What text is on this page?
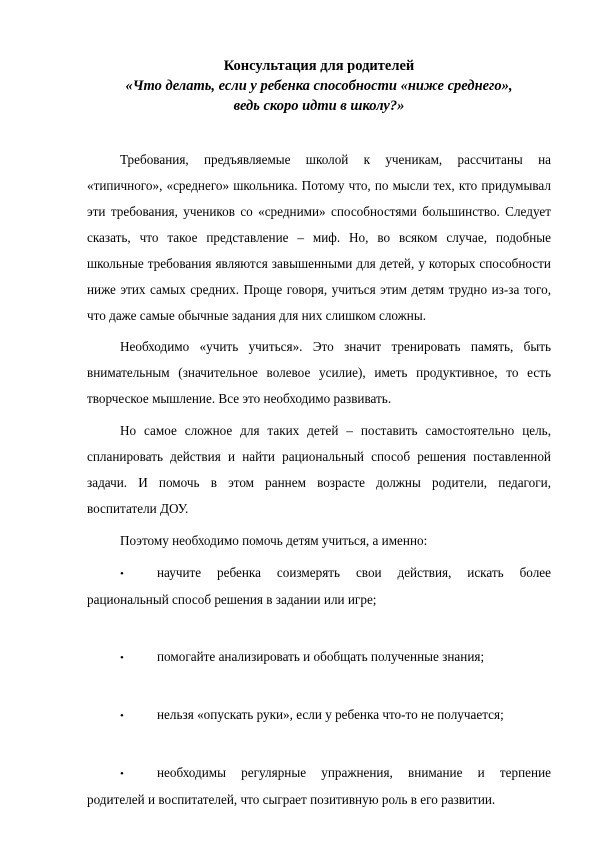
Консультация для родителей
«Что делать, если у ребенка способности «ниже среднего»,
ведь скоро идти в школу?»

Требования, предъявляемые школой к ученикам, рассчитаны на «типичного», «среднего» школьника. Потому что, по мысли тех, кто придумывал эти требования, учеников со «средними» способностями большинство. Следует сказать, что такое представление – миф. Но, во всяком случае, подобные школьные требования являются завышенными для детей, у которых способности ниже этих самых средних. Проще говоря, учиться этим детям трудно из-за того, что даже самые обычные задания для них слишком сложны.

Необходимо «учить учиться». Это значит тренировать память, быть внимательным (значительное волевое усилие), иметь продуктивное, то есть творческое мышление. Все это необходимо развивать.

Но самое сложное для таких детей – поставить самостоятельно цель, спланировать действия и найти рациональный способ решения поставленной задачи. И помочь в этом раннем возрасте должны родители, педагоги, воспитатели ДОУ.

Поэтому необходимо помочь детям учиться, а именно:

•	научите ребенка соизмерять свои действия, искать более рациональный способ решения в задании или игре;
•	помогайте анализировать и обобщать полученные знания;
•	нельзя «опускать руки», если у ребенка что-то не получается;
•	необходимы регулярные упражнения, внимание и терпение родителей и воспитателей, что сыграет позитивную роль в его развитии.
